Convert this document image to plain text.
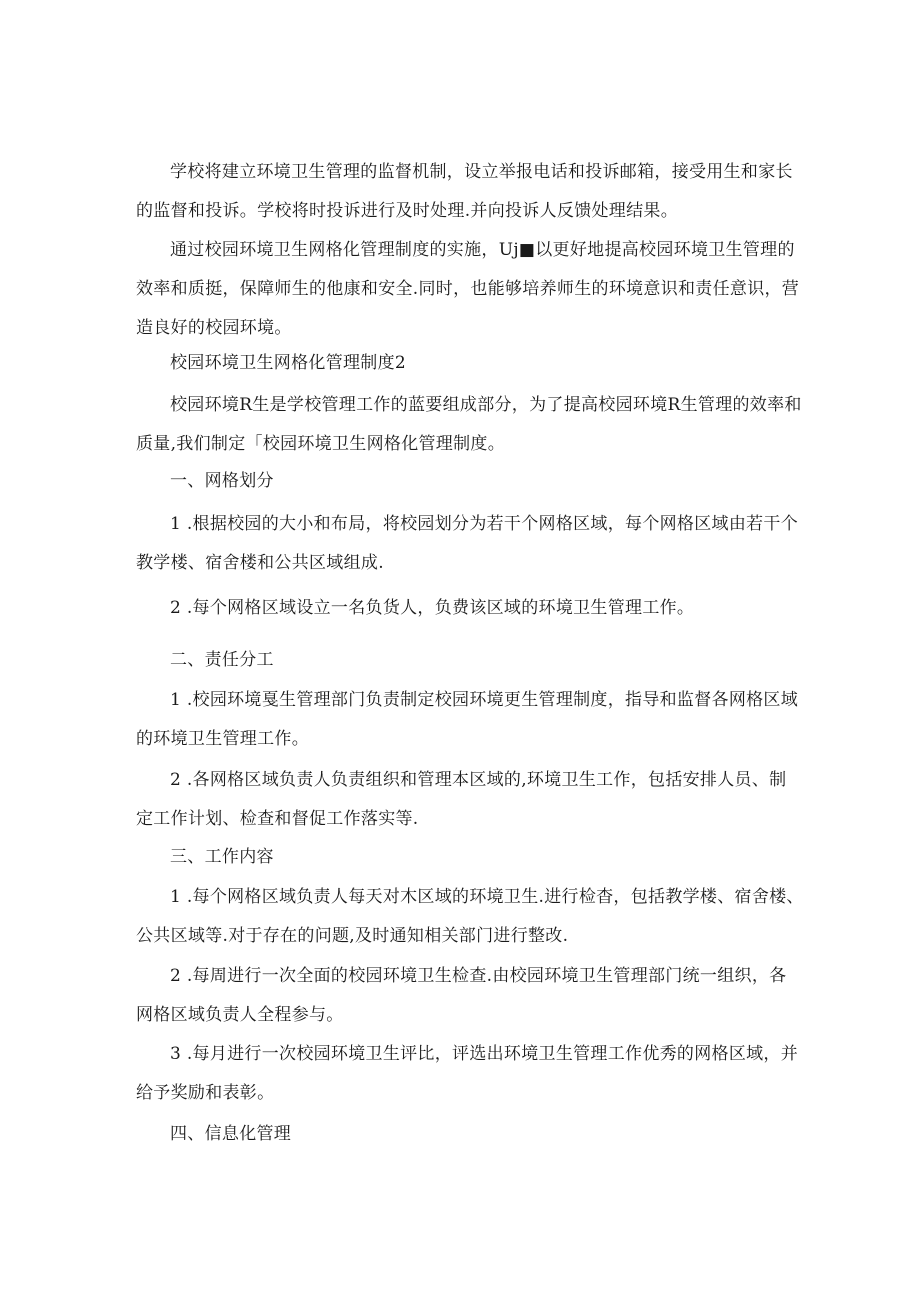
学校将建立环境卫生管理的监督机制，设立举报电话和投诉邮箱，接受用生和家长
的监督和投诉。学校将时投诉进行及时处理.并向投诉人反馈处理结果。

通过校园环境卫生网格化管理制度的实施，Uj■以更好地提高校园环境卫生管理的
效率和质挺，保障师生的他康和安全.同时，也能够培养师生的环境意识和责任意识，营
造良好的校园环境。

校园环境卫生网格化管理制度2

校园环境R生是学校管理工作的蓝要组成部分，为了提高校园环境R生管理的效率和
质量,我们制定「校园环境卫生网格化管理制度。

一、网格划分

1 .根据校园的大小和布局，将校园划分为若干个网格区域，每个网格区域由若干个
教学楼、宿舍楼和公共区域组成.

2 .每个网格区域设立一名负货人，负费该区域的环境卫生管理工作。

二、责任分工

1 .校园环境戛生管理部门负责制定校园环境更生管理制度，指导和监督各网格区域
的环境卫生管理工作。

2 .各网格区域负责人负责组织和管理本区域的,环境卫生工作，包括安排人员、制
定工作计划、检查和督促工作落实等.

三、工作内容

1 .每个网格区域负责人每天对木区域的环境卫生.进行检杳，包括教学楼、宿舍楼、
公共区域等.对于存在的问题,及时通知相关部门进行整改.

2 .每周进行一次全面的校园环境卫生检查.由校园环境卫生管理部门统一组织，各
网格区域负责人全程参与。

3 .每月进行一次校园环境卫生评比，评选出环境卫生管理工作优秀的网格区域，并
给予奖励和表彰。

四、信息化管理
